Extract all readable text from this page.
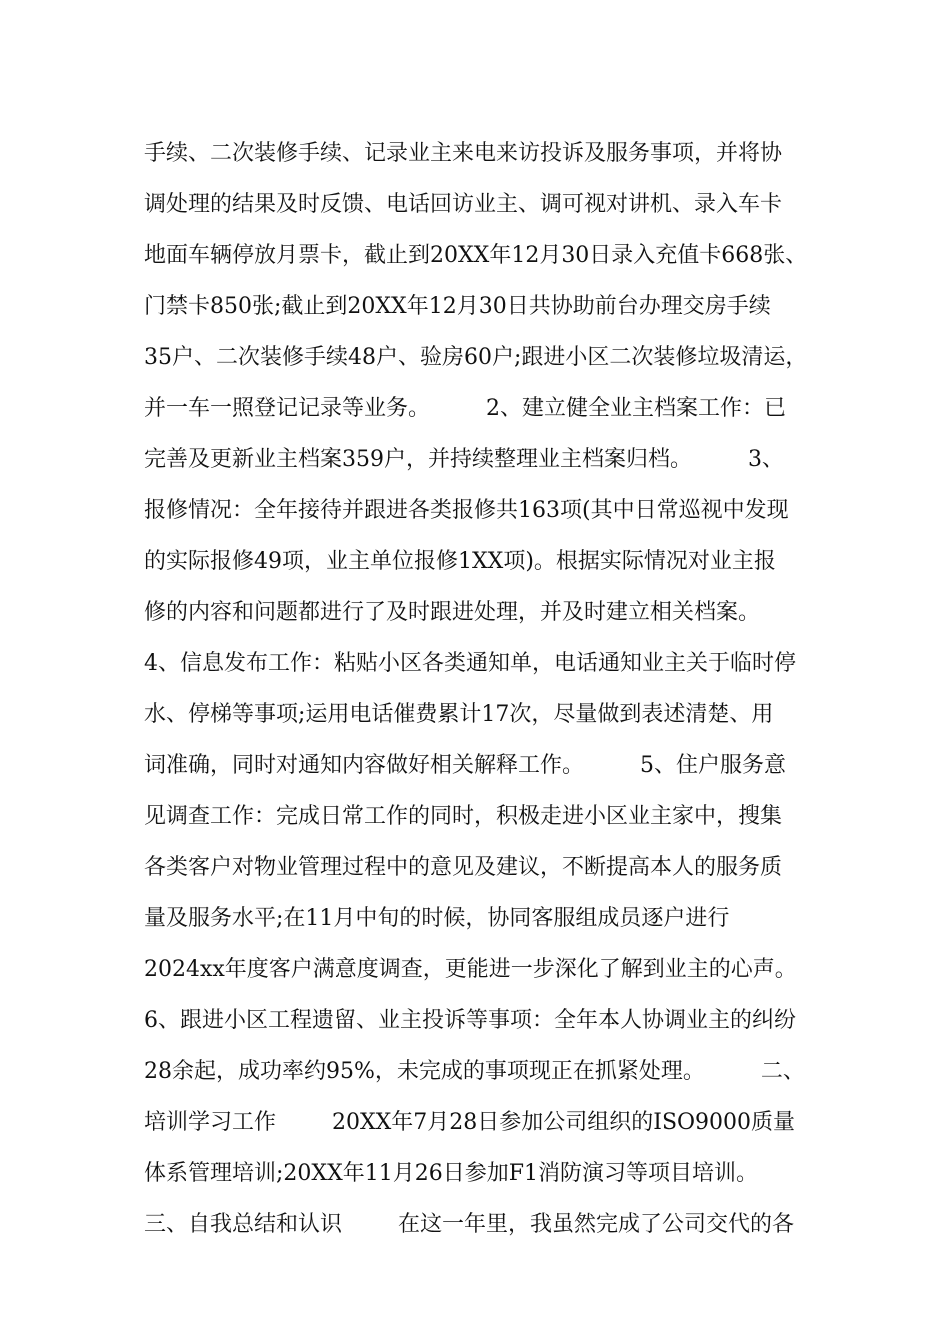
手续、二次装修手续、记录业主来电来访投诉及服务事项，并将协
调处理的结果及时反馈、电话回访业主、调可视对讲机、录入车卡
地面车辆停放月票卡，截止到20XX年12月30日录入充值卡668张、
门禁卡850张;截止到20XX年12月30日共协助前台办理交房手续
35户、二次装修手续48户、验房60户;跟进小区二次装修垃圾清运，
并一车一照登记记录等业务。        2、建立健全业主档案工作：已
完善及更新业主档案359户，并持续整理业主档案归档。        3、
报修情况：全年接待并跟进各类报修共163项(其中日常巡视中发现
的实际报修49项，业主单位报修1XX项)。根据实际情况对业主报
修的内容和问题都进行了及时跟进处理，并及时建立相关档案。
4、信息发布工作：粘贴小区各类通知单，电话通知业主关于临时停
水、停梯等事项;运用电话催费累计17次，尽量做到表述清楚、用
词准确，同时对通知内容做好相关解释工作。        5、住户服务意
见调查工作：完成日常工作的同时，积极走进小区业主家中，搜集
各类客户对物业管理过程中的意见及建议，不断提高本人的服务质
量及服务水平;在11月中旬的时候，协同客服组成员逐户进行
2024xx年度客户满意度调查，更能进一步深化了解到业主的心声。
6、跟进小区工程遗留、业主投诉等事项：全年本人协调业主的纠纷
28余起，成功率约95%，未完成的事项现正在抓紧处理。        二、
培训学习工作        20XX年7月28日参加公司组织的ISO9000质量
体系管理培训;20XX年11月26日参加F1消防演习等项目培训。
三、自我总结和认识        在这一年里，我虽然完成了公司交代的各
